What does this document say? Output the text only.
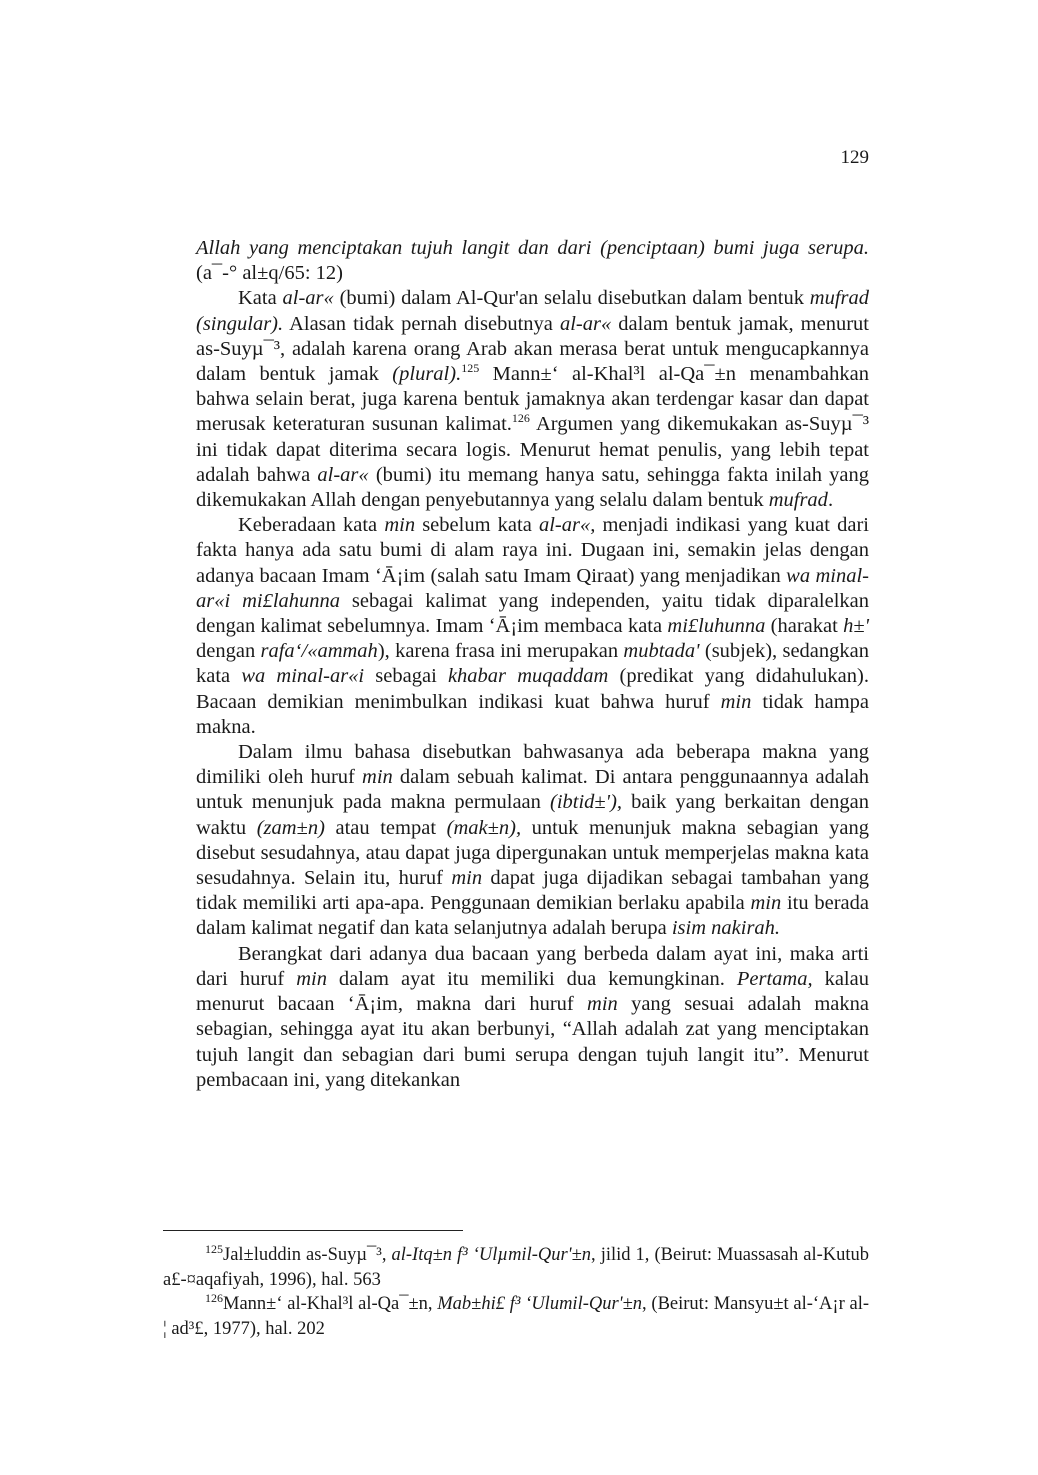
129

Allah yang menciptakan tujuh langit dan dari (penciptaan) bumi juga serupa. (a¯-° al±q/65: 12)

Kata al-ar« (bumi) dalam Al-Qur'an selalu disebutkan dalam bentuk mufrad (singular). Alasan tidak pernah disebutnya al-ar« dalam bentuk jamak, menurut as-Suyµ¯³, adalah karena orang Arab akan merasa berat untuk mengucapkannya dalam bentuk jamak (plural).$^{125}$ Mann±‘ al-Khal³l al-Qa¯±n menambahkan bahwa selain berat, juga karena bentuk jamaknya akan terdengar kasar dan dapat merusak keteraturan susunan kalimat.$^{126}$ Argumen yang dikemukakan as-Suyµ¯³ ini tidak dapat diterima secara logis. Menurut hemat penulis, yang lebih tepat adalah bahwa al-ar« (bumi) itu memang hanya satu, sehingga fakta inilah yang dikemukakan Allah dengan penyebutannya yang selalu dalam bentuk mufrad.

Keberadaan kata min sebelum kata al-ar«, menjadi indikasi yang kuat dari fakta hanya ada satu bumi di alam raya ini. Dugaan ini, semakin jelas dengan adanya bacaan Imam ‘Ā¡im (salah satu Imam Qiraat) yang menjadikan wa minal-ar«i mi£lahunna sebagai kalimat yang independen, yaitu tidak diparalelkan dengan kalimat sebelumnya. Imam ‘Ā¡im membaca kata mi£luhunna (harakat h±' dengan rafa‘/«ammah), karena frasa ini merupakan mubtada' (subjek), sedangkan kata wa minal-ar«i sebagai khabar muqaddam (predikat yang didahulukan). Bacaan demikian menimbulkan indikasi kuat bahwa huruf min tidak hampa makna.

Dalam ilmu bahasa disebutkan bahwasanya ada beberapa makna yang dimiliki oleh huruf min dalam sebuah kalimat. Di antara penggunaannya adalah untuk menunjuk pada makna permulaan (ibtid±'), baik yang berkaitan dengan waktu (zam±n) atau tempat (mak±n), untuk menunjuk makna sebagian yang disebut sesudahnya, atau dapat juga dipergunakan untuk memperjelas makna kata sesudahnya. Selain itu, huruf min dapat juga dijadikan sebagai tambahan yang tidak memiliki arti apa-apa. Penggunaan demikian berlaku apabila min itu berada dalam kalimat negatif dan kata selanjutnya adalah berupa isim nakirah.

Berangkat dari adanya dua bacaan yang berbeda dalam ayat ini, maka arti dari huruf min dalam ayat itu memiliki dua kemungkinan. Pertama, kalau menurut bacaan ‘Ā¡im, makna dari huruf min yang sesuai adalah makna sebagian, sehingga ayat itu akan berbunyi, “Allah adalah zat yang menciptakan tujuh langit dan sebagian dari bumi serupa dengan tujuh langit itu”. Menurut pembacaan ini, yang ditekankan

$^{125}$Jal±luddin as-Suyµ¯³, al-Itq±n f³ ‘Ulµmil-Qur'±n, jilid 1, (Beirut: Muassasah al-Kutub a£-¤aqafiyah, 1996), hal. 563

$^{126}$Mann±‘ al-Khal³l al-Qa¯±n, Mab±hi£ f³ ‘Ulumil-Qur'±n, (Beirut: Mansyu±t al-‘A¡r al-¦ ad³£, 1977), hal. 202
